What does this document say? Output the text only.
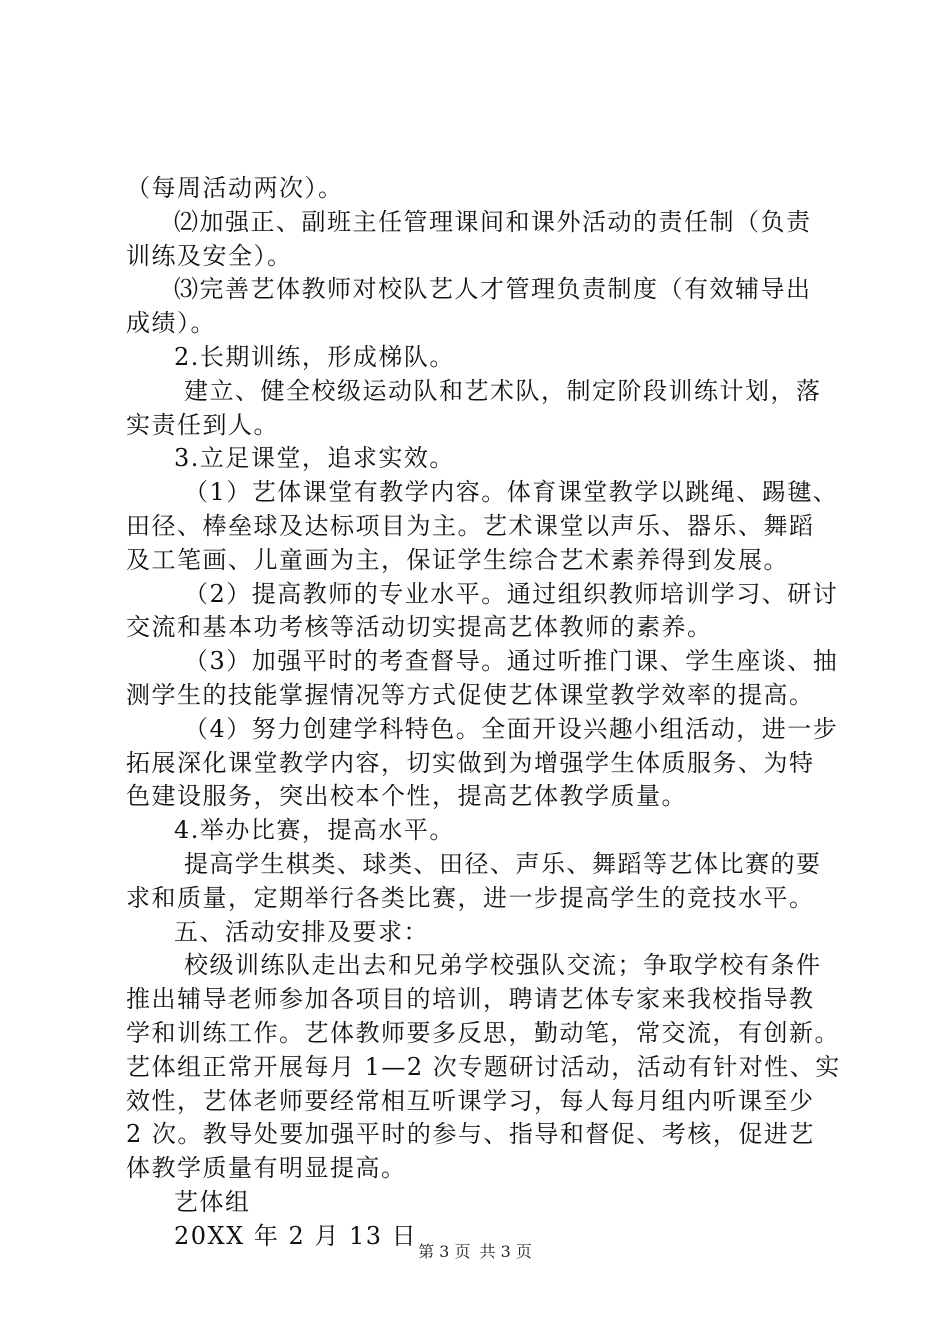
（每周活动两次）。
⑵加强正、副班主任管理课间和课外活动的责任制（负责
训练及安全）。
⑶完善艺体教师对校队艺人才管理负责制度（有效辅导出
成绩）。
2.长期训练，形成梯队。
建立、健全校级运动队和艺术队，制定阶段训练计划，落
实责任到人。
3.立足课堂，追求实效。
（1）艺体课堂有教学内容。体育课堂教学以跳绳、踢毽、
田径、棒垒球及达标项目为主。艺术课堂以声乐、器乐、舞蹈
及工笔画、儿童画为主，保证学生综合艺术素养得到发展。
（2）提高教师的专业水平。通过组织教师培训学习、研讨
交流和基本功考核等活动切实提高艺体教师的素养。
（3）加强平时的考查督导。通过听推门课、学生座谈、抽
测学生的技能掌握情况等方式促使艺体课堂教学效率的提高。
（4）努力创建学科特色。全面开设兴趣小组活动，进一步
拓展深化课堂教学内容，切实做到为增强学生体质服务、为特
色建设服务，突出校本个性，提高艺体教学质量。
4.举办比赛，提高水平。
提高学生棋类、球类、田径、声乐、舞蹈等艺体比赛的要
求和质量，定期举行各类比赛，进一步提高学生的竞技水平。
五、活动安排及要求：
校级训练队走出去和兄弟学校强队交流；争取学校有条件
推出辅导老师参加各项目的培训，聘请艺体专家来我校指导教
学和训练工作。艺体教师要多反思，勤动笔，常交流，有创新。
艺体组正常开展每月 1—2 次专题研讨活动，活动有针对性、实
效性，艺体老师要经常相互听课学习，每人每月组内听课至少
2 次。教导处要加强平时的参与、指导和督促、考核，促进艺
体教学质量有明显提高。
艺体组
20XX 年 2 月 13 日
第 3 页 共 3 页
